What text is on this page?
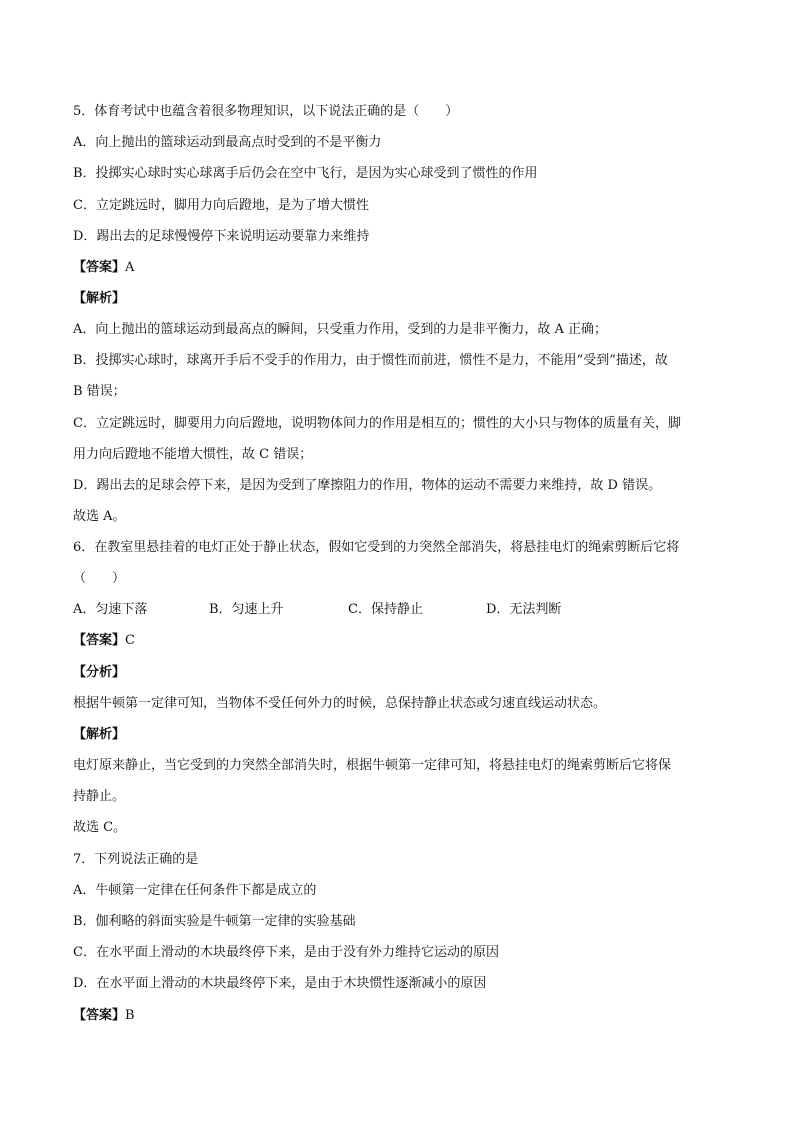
5．体育考试中也蕴含着很多物理知识，以下说法正确的是（　　）
A．向上抛出的篮球运动到最高点时受到的不是平衡力
B．投掷实心球时实心球离手后仍会在空中飞行，是因为实心球受到了惯性的作用
C．立定跳远时，脚用力向后蹬地，是为了增大惯性
D．踢出去的足球慢慢停下来说明运动要靠力来维持
【答案】A
【解析】
A．向上抛出的篮球运动到最高点的瞬间，只受重力作用，受到的力是非平衡力，故 A 正确；
B．投掷实心球时，球离开手后不受手的作用力，由于惯性而前进，惯性不是力，不能用“受到”描述，故
B 错误；
C．立定跳远时，脚要用力向后蹬地，说明物体间力的作用是相互的；惯性的大小只与物体的质量有关，脚
用力向后蹬地不能增大惯性，故 C 错误；
D．踢出去的足球会停下来，是因为受到了摩擦阻力的作用，物体的运动不需要力来维持，故 D 错误。
故选 A。
6．在教室里悬挂着的电灯正处于静止状态，假如它受到的力突然全部消失，将悬挂电灯的绳索剪断后它将
（　　）
A．匀速下落	B．匀速上升	C．保持静止	D．无法判断
【答案】C
【分析】
根据牛顿第一定律可知，当物体不受任何外力的时候，总保持静止状态或匀速直线运动状态。
【解析】
电灯原来静止，当它受到的力突然全部消失时，根据牛顿第一定律可知，将悬挂电灯的绳索剪断后它将保
持静止。
故选 C。
7．下列说法正确的是
A．牛顿第一定律在任何条件下都是成立的
B．伽利略的斜面实验是牛顿第一定律的实验基础
C．在水平面上滑动的木块最终停下来，是由于没有外力维持它运动的原因
D．在水平面上滑动的木块最终停下来，是由于木块惯性逐渐减小的原因
【答案】B
